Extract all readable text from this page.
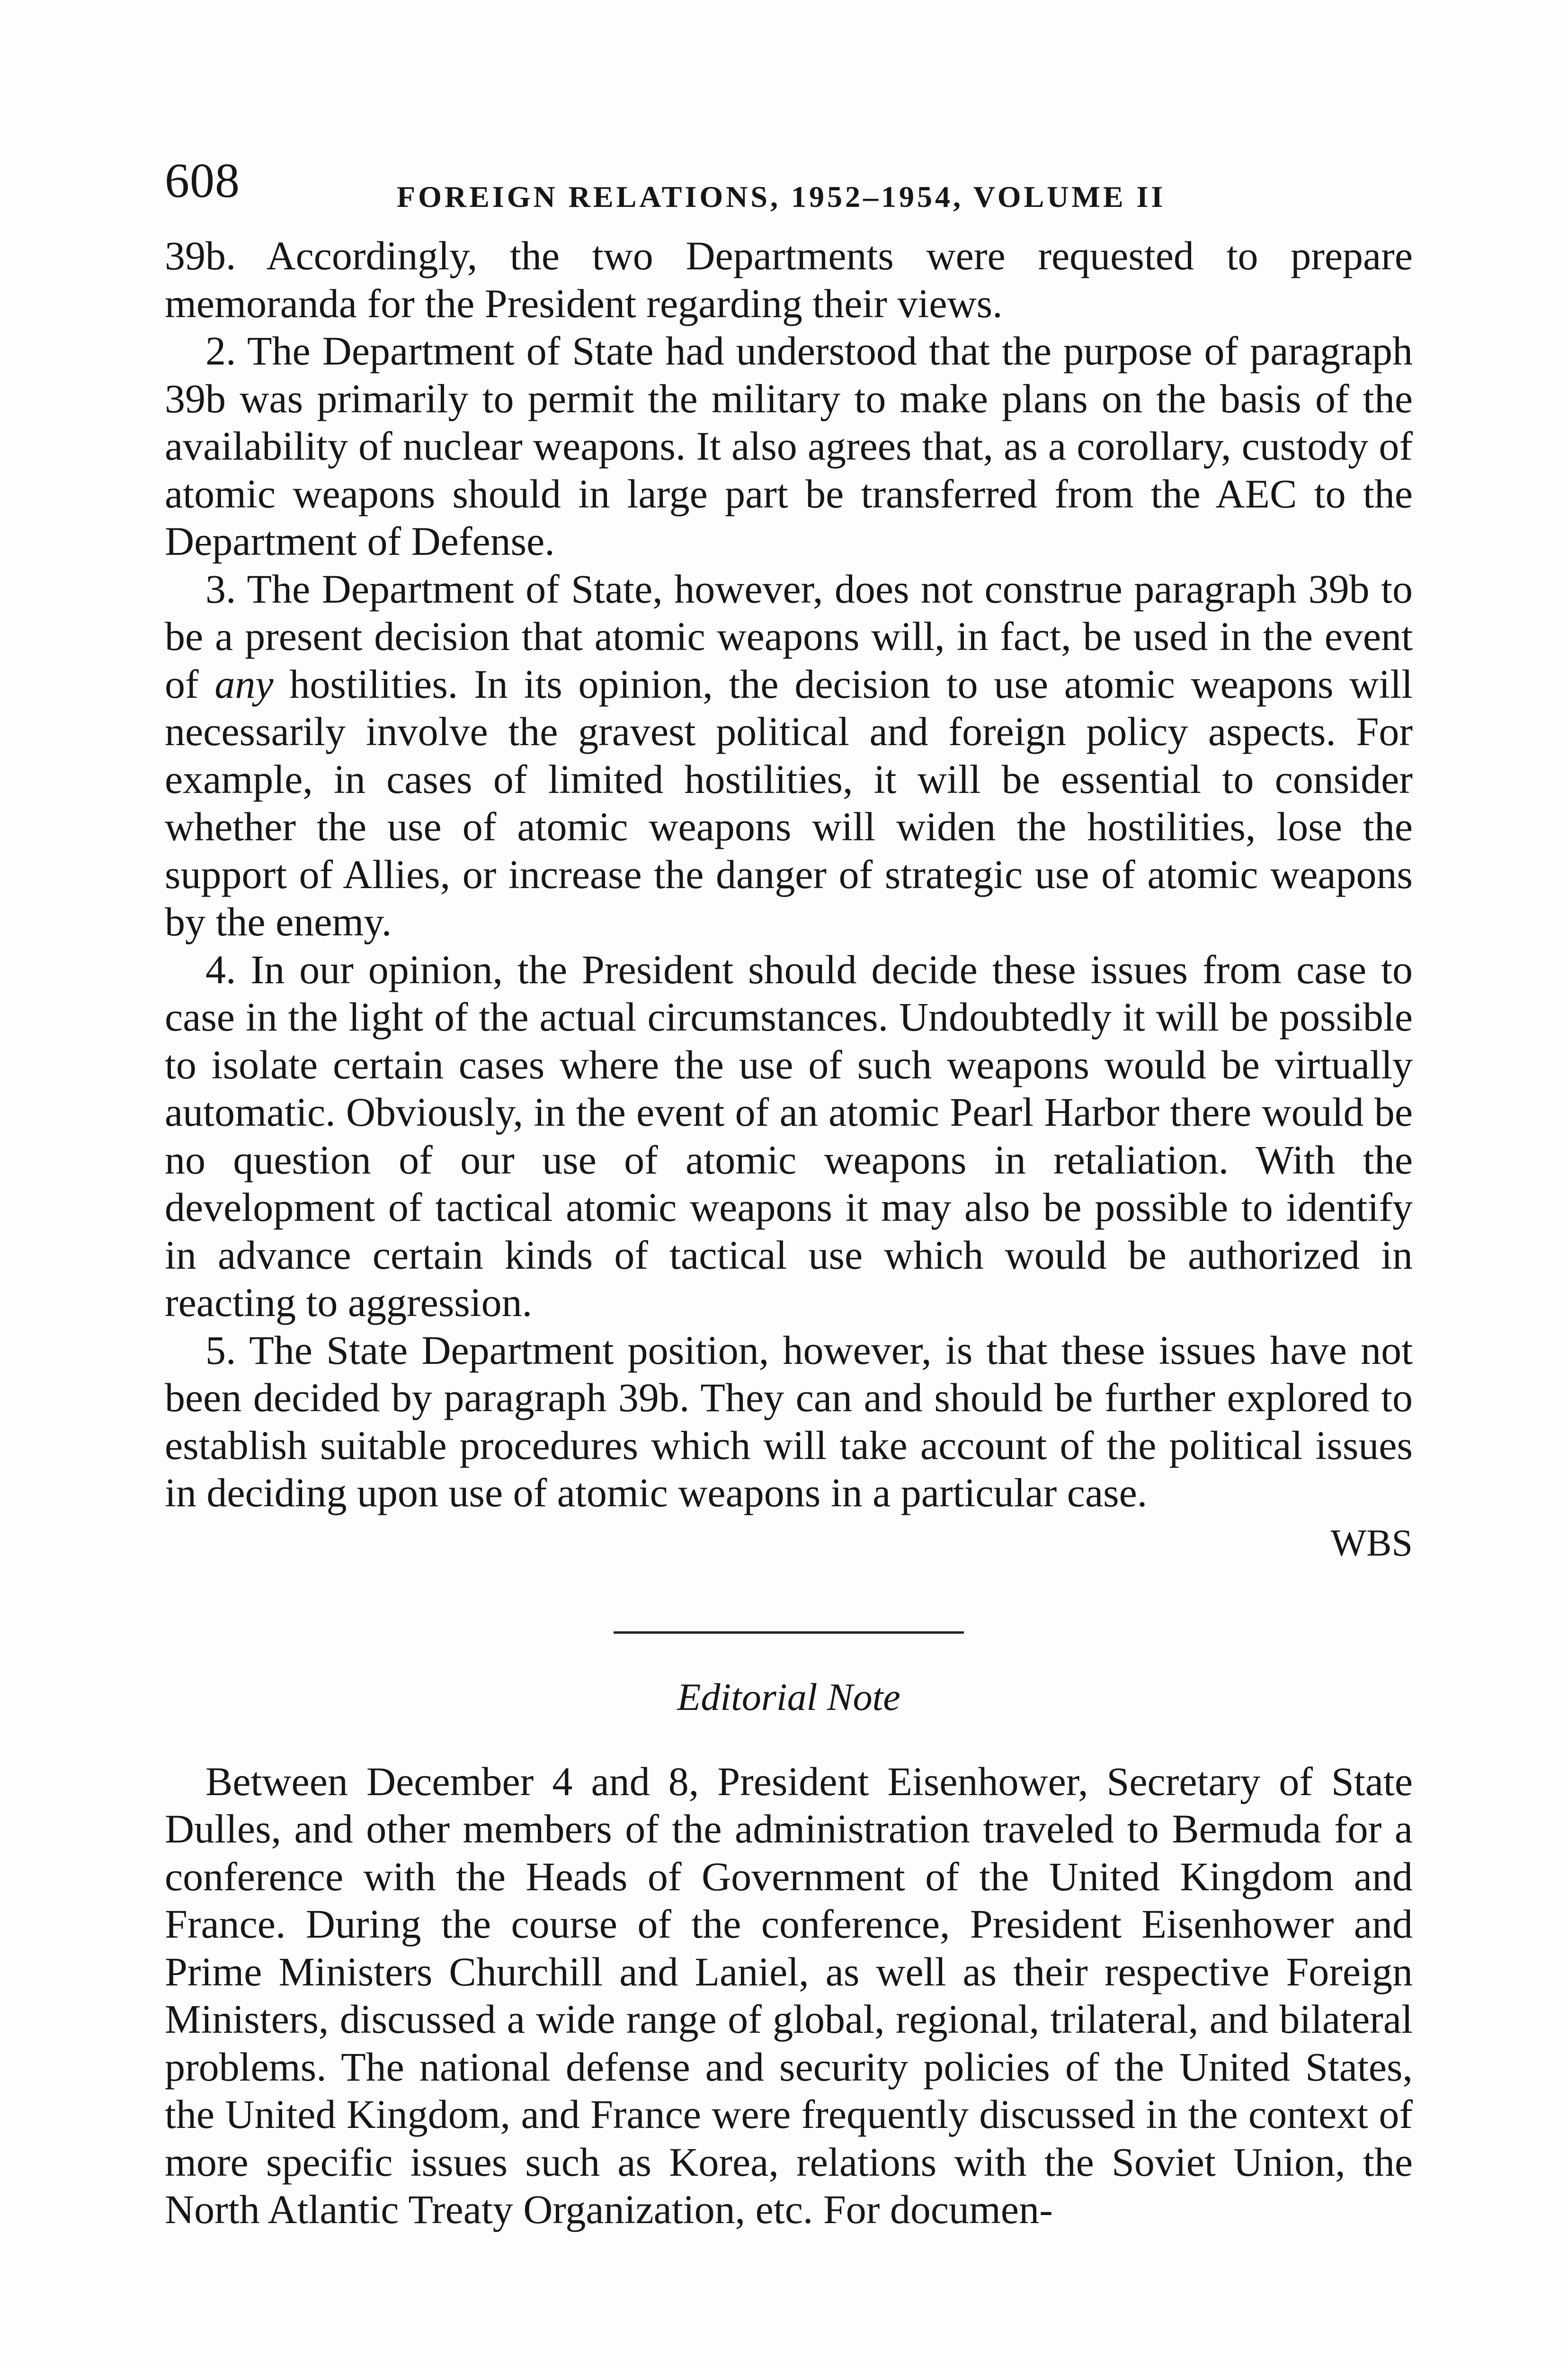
608	FOREIGN RELATIONS, 1952–1954, VOLUME II

39b. Accordingly, the two Departments were requested to prepare memoranda for the President regarding their views.

2. The Department of State had understood that the purpose of paragraph 39b was primarily to permit the military to make plans on the basis of the availability of nuclear weapons. It also agrees that, as a corollary, custody of atomic weapons should in large part be transferred from the AEC to the Department of Defense.

3. The Department of State, however, does not construe paragraph 39b to be a present decision that atomic weapons will, in fact, be used in the event of any hostilities. In its opinion, the decision to use atomic weapons will necessarily involve the gravest political and foreign policy aspects. For example, in cases of limited hostilities, it will be essential to consider whether the use of atomic weapons will widen the hostilities, lose the support of Allies, or increase the danger of strategic use of atomic weapons by the enemy.

4. In our opinion, the President should decide these issues from case to case in the light of the actual circumstances. Undoubtedly it will be possible to isolate certain cases where the use of such weapons would be virtually automatic. Obviously, in the event of an atomic Pearl Harbor there would be no question of our use of atomic weapons in retaliation. With the development of tactical atomic weapons it may also be possible to identify in advance certain kinds of tactical use which would be authorized in reacting to aggression.

5. The State Department position, however, is that these issues have not been decided by paragraph 39b. They can and should be further explored to establish suitable procedures which will take account of the political issues in deciding upon use of atomic weapons in a particular case.

WBS
Editorial Note

Between December 4 and 8, President Eisenhower, Secretary of State Dulles, and other members of the administration traveled to Bermuda for a conference with the Heads of Government of the United Kingdom and France. During the course of the conference, President Eisenhower and Prime Ministers Churchill and Laniel, as well as their respective Foreign Ministers, discussed a wide range of global, regional, trilateral, and bilateral problems. The national defense and security policies of the United States, the United Kingdom, and France were frequently discussed in the context of more specific issues such as Korea, relations with the Soviet Union, the North Atlantic Treaty Organization, etc. For documen-
